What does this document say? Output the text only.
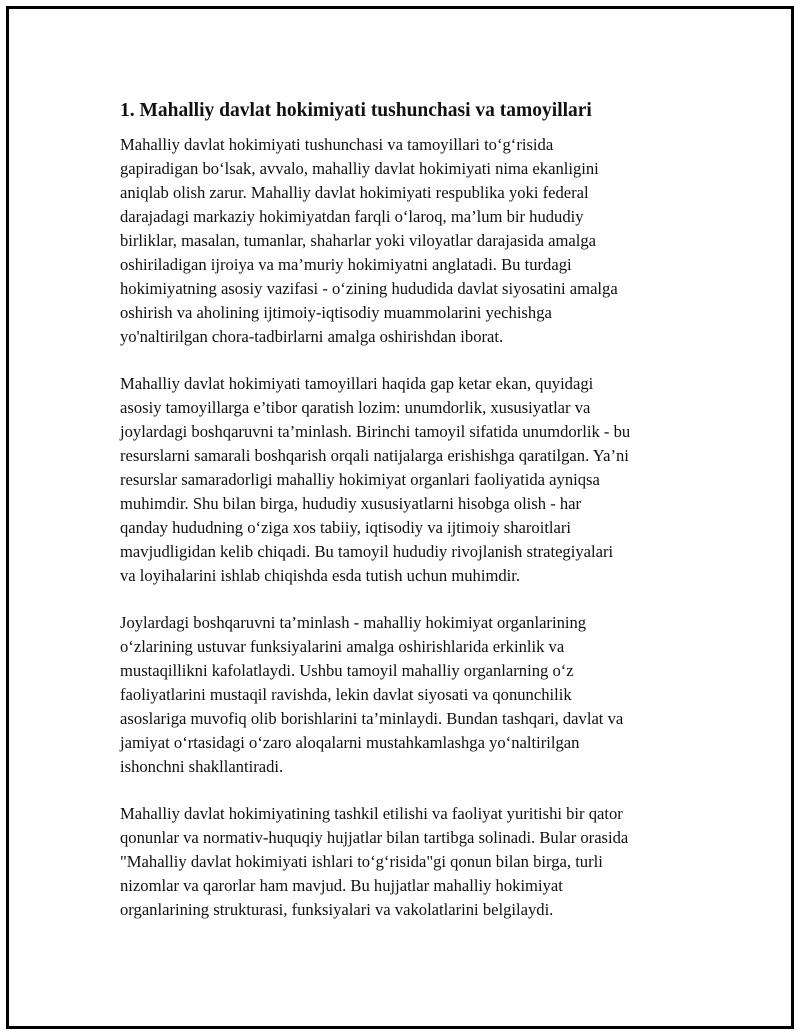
1. Mahalliy davlat hokimiyati tushunchasi va tamoyillari

Mahalliy davlat hokimiyati tushunchasi va tamoyillari to‘g‘risida
gapiradigan bo‘lsak, avvalo, mahalliy davlat hokimiyati nima ekanligini
aniqlab olish zarur. Mahalliy davlat hokimiyati respublika yoki federal
darajadagi markaziy hokimiyatdan farqli o‘laroq, ma’lum bir hududiy
birliklar, masalan, tumanlar, shaharlar yoki viloyatlar darajasida amalga
oshiriladigan ijroiya va ma’muriy hokimiyatni anglatadi. Bu turdagi
hokimiyatning asosiy vazifasi - o‘zining hududida davlat siyosatini amalga
oshirish va aholining ijtimoiy-iqtisodiy muammolarini yechishga
yo'naltirilgan chora-tadbirlarni amalga oshirishdan iborat.

Mahalliy davlat hokimiyati tamoyillari haqida gap ketar ekan, quyidagi
asosiy tamoyillarga e’tibor qaratish lozim: unumdorlik, xususiyatlar va
joylardagi boshqaruvni ta’minlash. Birinchi tamoyil sifatida unumdorlik - bu
resurslarni samarali boshqarish orqali natijalarga erishishga qaratilgan. Ya’ni
resurslar samaradorligi mahalliy hokimiyat organlari faoliyatida ayniqsa
muhimdir. Shu bilan birga, hududiy xususiyatlarni hisobga olish - har
qanday hududning o‘ziga xos tabiiy, iqtisodiy va ijtimoiy sharoitlari
mavjudligidan kelib chiqadi. Bu tamoyil hududiy rivojlanish strategiyalari
va loyihalarini ishlab chiqishda esda tutish uchun muhimdir.

Joylardagi boshqaruvni ta’minlash - mahalliy hokimiyat organlarining
o‘zlarining ustuvar funksiyalarini amalga oshirishlarida erkinlik va
mustaqillikni kafolatlaydi. Ushbu tamoyil mahalliy organlarning o‘z
faoliyatlarini mustaqil ravishda, lekin davlat siyosati va qonunchilik
asoslariga muvofiq olib borishlarini ta’minlaydi. Bundan tashqari, davlat va
jamiyat o‘rtasidagi o‘zaro aloqalarni mustahkamlashga yo‘naltirilgan
ishonchni shakllantiradi.

Mahalliy davlat hokimiyatining tashkil etilishi va faoliyat yuritishi bir qator
qonunlar va normativ-huquqiy hujjatlar bilan tartibga solinadi. Bular orasida
"Mahalliy davlat hokimiyati ishlari to‘g‘risida"gi qonun bilan birga, turli
nizomlar va qarorlar ham mavjud. Bu hujjatlar mahalliy hokimiyat
organlarining strukturasi, funksiyalari va vakolatlarini belgilaydi.
